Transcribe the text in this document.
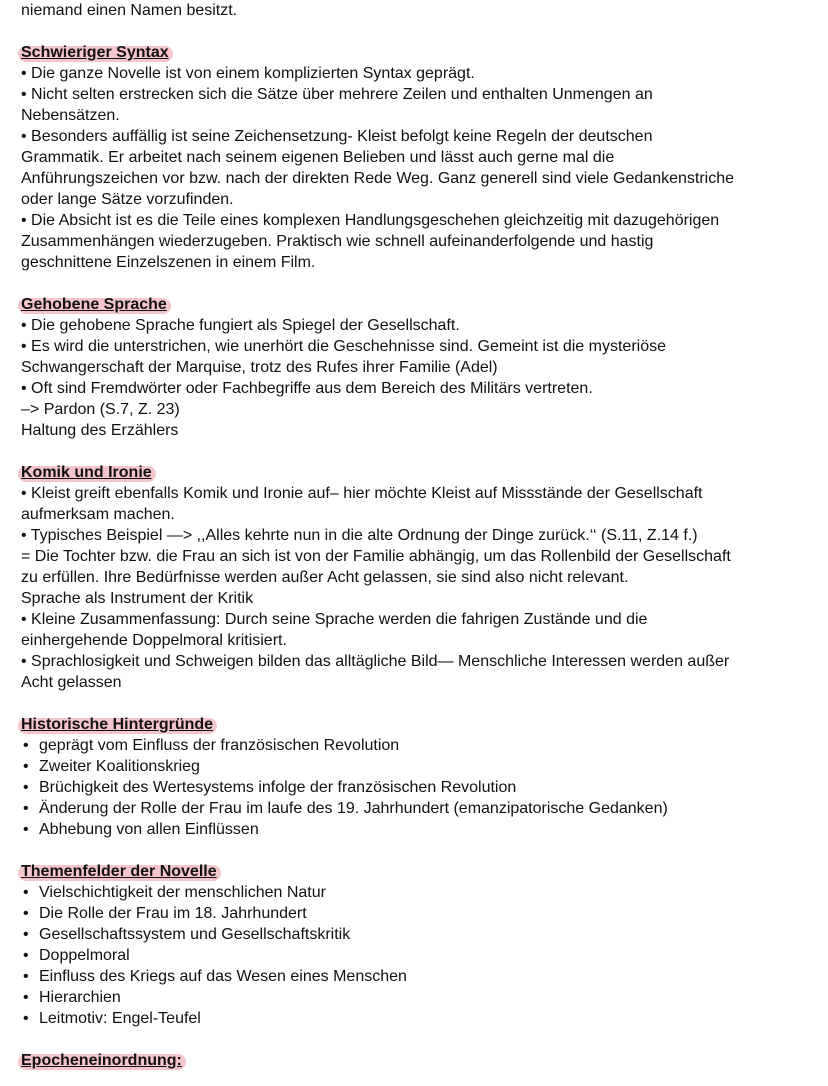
niemand einen Namen besitzt.

Schwieriger Syntax

• Die ganze Novelle ist von einem komplizierten Syntax geprägt.

• Nicht selten erstrecken sich die Sätze über mehrere Zeilen und enthalten Unmengen an

Nebensätzen.

• Besonders auffällig ist seine Zeichensetzung- Kleist befolgt keine Regeln der deutschen

Grammatik. Er arbeitet nach seinem eigenen Belieben und lässt auch gerne mal die

Anführungszeichen vor bzw. nach der direkten Rede Weg. Ganz generell sind viele Gedankenstriche

oder lange Sätze vorzufinden.

• Die Absicht ist es die Teile eines komplexen Handlungsgeschehen gleichzeitig mit dazugehörigen

Zusammenhängen wiederzugeben. Praktisch wie schnell aufeinanderfolgende und hastig

geschnittene Einzelszenen in einem Film.

Gehobene Sprache

• Die gehobene Sprache fungiert als Spiegel der Gesellschaft.

• Es wird die unterstrichen, wie unerhört die Geschehnisse sind. Gemeint ist die mysteriöse

Schwangerschaft der Marquise, trotz des Rufes ihrer Familie (Adel)

• Oft sind Fremdwörter oder Fachbegriffe aus dem Bereich des Militärs vertreten.

–> Pardon (S.7, Z. 23)

Haltung des Erzählers

Komik und Ironie

• Kleist greift ebenfalls Komik und Ironie auf– hier möchte Kleist auf Missstände der Gesellschaft

aufmerksam machen.

• Typisches Beispiel —> ,,Alles kehrte nun in die alte Ordnung der Dinge zurück.‘‘ (S.11, Z.14 f.)

= Die Tochter bzw. die Frau an sich ist von der Familie abhängig, um das Rollenbild der Gesellschaft

zu erfüllen. Ihre Bedürfnisse werden außer Acht gelassen, sie sind also nicht relevant.

Sprache als Instrument der Kritik

• Kleine Zusammenfassung: Durch seine Sprache werden die fahrigen Zustände und die

einhergehende Doppelmoral kritisiert.

• Sprachlosigkeit und Schweigen bilden das alltägliche Bild— Menschliche Interessen werden außer

Acht gelassen

Historische Hintergründe
• geprägt vom Einfluss der französischen Revolution
• Zweiter Koalitionskrieg
• Brüchigkeit des Wertesystems infolge der französischen Revolution
• Änderung der Rolle der Frau im laufe des 19. Jahrhundert (emanzipatorische Gedanken)
• Abhebung von allen Einflüssen
Themenfelder der Novelle
• Vielschichtigkeit der menschlichen Natur
• Die Rolle der Frau im 18. Jahrhundert
• Gesellschaftssystem und Gesellschaftskritik
• Doppelmoral
• Einfluss des Kriegs auf das Wesen eines Menschen
• Hierarchien
• Leitmotiv: Engel-Teufel
Epocheneinordnung:
